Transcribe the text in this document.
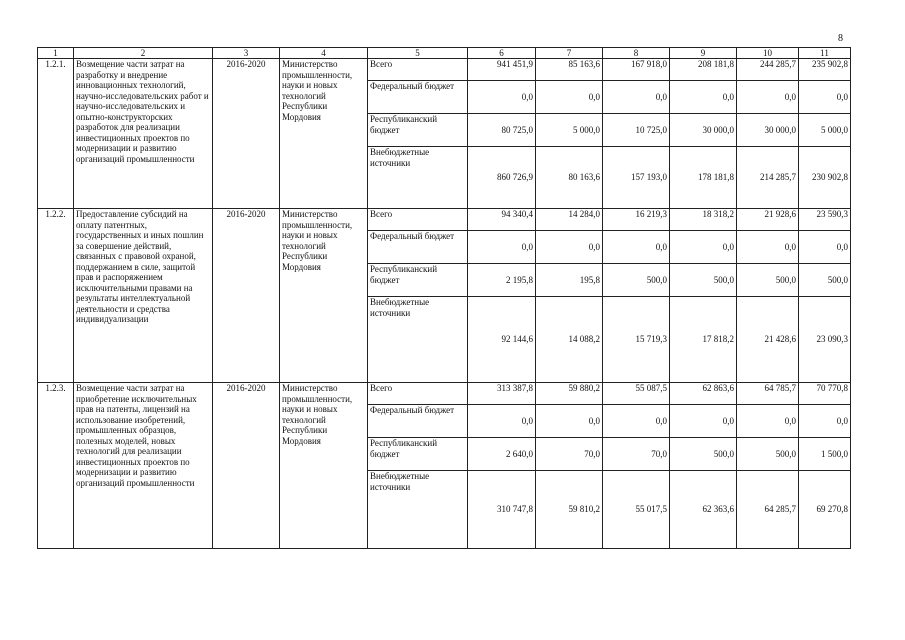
8
1	2	3	4	5	6	7	8	9	10	11
1.2.1.	Возмещение части затрат на разработку и внедрение инновационных технологий, научно-исследовательских работ и научно-исследовательских и опытно-конструкторских разработок для реализации инвестиционных проектов по модернизации и развитию организаций промышленности	2016-2020	Министерство промышленности, науки и новых технологий Республики Мордовия	Всего	941 451,9	85 163,6	167 918,0	208 181,8	244 285,7	235 902,8
				Федеральный бюджет	0,0	0,0	0,0	0,0	0,0	0,0
				Республиканский бюджет	80 725,0	5 000,0	10 725,0	30 000,0	30 000,0	5 000,0
				Внебюджетные источники	860 726,9	80 163,6	157 193,0	178 181,8	214 285,7	230 902,8
1.2.2.	Предоставление субсидий на оплату патентных, государственных и иных пошлин за совершение действий, связанных с правовой охраной, поддержанием в силе, защитой прав и распоряжением исключительными правами на результаты интеллектуальной деятельности и средства индивидуализации	2016-2020	Министерство промышленности, науки и новых технологий Республики Мордовия	Всего	94 340,4	14 284,0	16 219,3	18 318,2	21 928,6	23 590,3
				Федеральный бюджет	0,0	0,0	0,0	0,0	0,0	0,0
				Республиканский бюджет	2 195,8	195,8	500,0	500,0	500,0	500,0
				Внебюджетные источники	92 144,6	14 088,2	15 719,3	17 818,2	21 428,6	23 090,3
1.2.3.	Возмещение части затрат на приобретение исключительных прав на патенты, лицензий на использование изобретений, промышленных образцов, полезных моделей, новых технологий для реализации инвестиционных проектов по модернизации и развитию организаций промышленности	2016-2020	Министерство промышленности, науки и новых технологий Республики Мордовия	Всего	313 387,8	59 880,2	55 087,5	62 863,6	64 785,7	70 770,8
				Федеральный бюджет	0,0	0,0	0,0	0,0	0,0	0,0
				Республиканский бюджет	2 640,0	70,0	70,0	500,0	500,0	1 500,0
				Внебюджетные источники	310 747,8	59 810,2	55 017,5	62 363,6	64 285,7	69 270,8
